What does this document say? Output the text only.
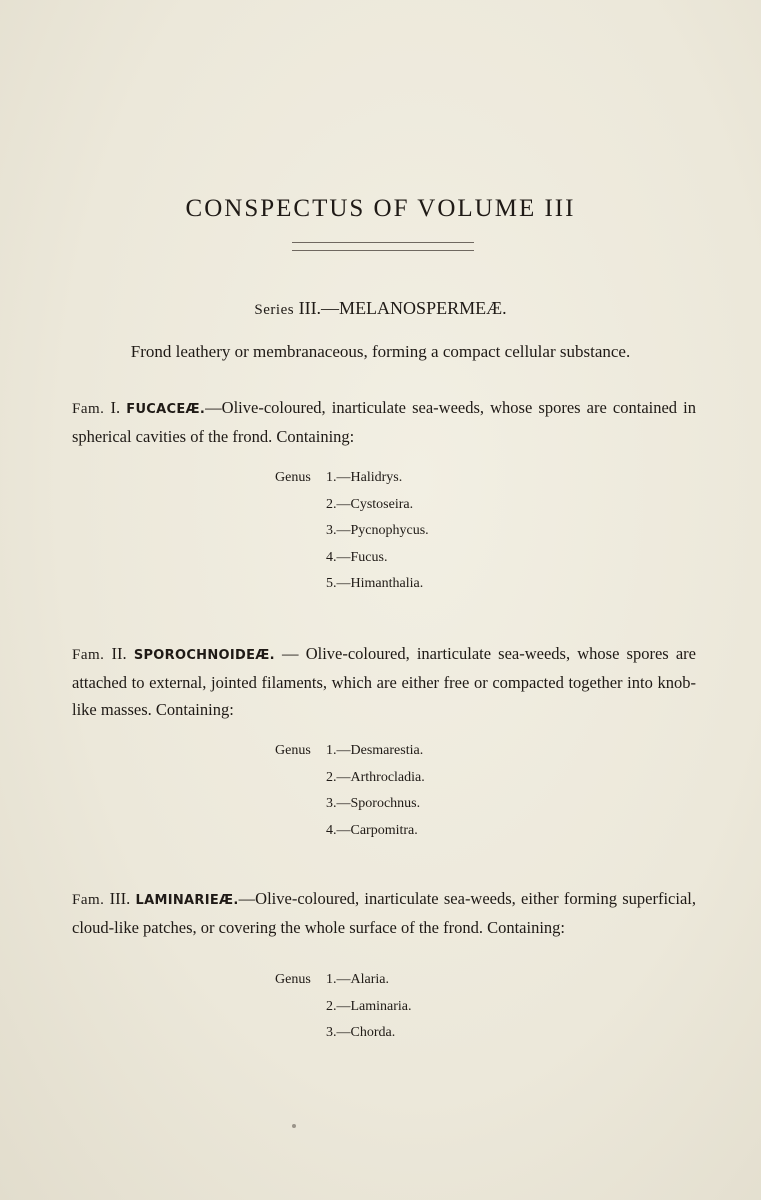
CONSPECTUS OF VOLUME III
Series III.—MELANOSPERMEÆ.
Frond leathery or membranaceous, forming a compact cellular substance.
Fam. I. FUCACEÆ.—Olive-coloured, inarticulate sea-weeds, whose spores are contained in spherical cavities of the frond. Containing:
Genus 1.—Halidrys.
2.—Cystoseira.
3.—Pycnophycus.
4.—Fucus.
5.—Himanthalia.
Fam. II. SPOROCHNOIDEÆ. — Olive-coloured, inarticulate sea-weeds, whose spores are attached to external, jointed filaments, which are either free or compacted together into knob-like masses. Containing:
Genus 1.—Desmarestia.
2.—Arthrocladia.
3.—Sporochnus.
4.—Carpomitra.
Fam. III. LAMINARIEÆ.—Olive-coloured, inarticulate sea-weeds, either forming superficial, cloud-like patches, or covering the whole surface of the frond. Containing:
Genus 1.—Alaria.
2.—Laminaria.
3.—Chorda.
